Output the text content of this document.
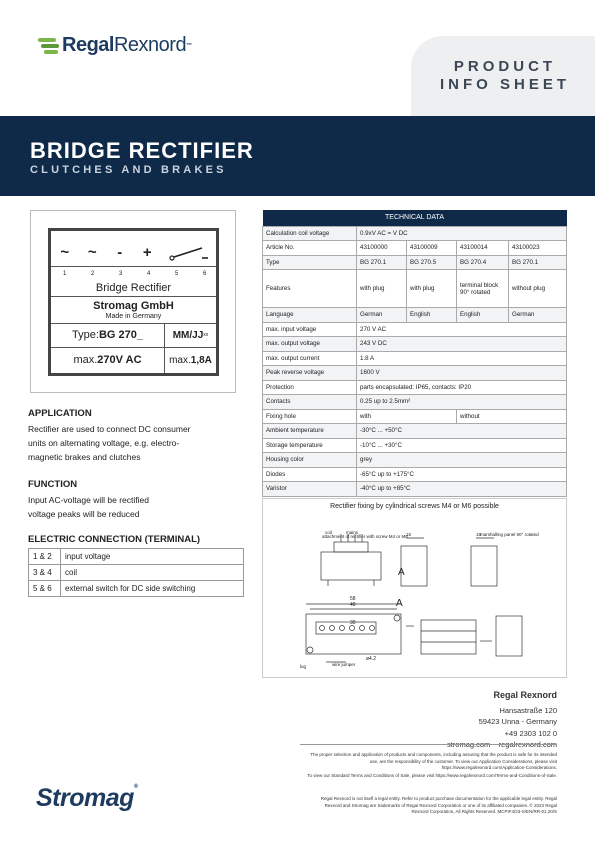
Regal Rexnord ™
PRODUCT
INFO SHEET
BRIDGE RECTIFIER
CLUTCHES AND BRAKES
~	~	-	+
1	2	3	4	5	6
Bridge Rectifier
Stromag GmbH
Made in Germany
Type: BG 270_	MM/JJ xx
max. 270V AC	max. 1,8A
APPLICATION
Rectifier are used to connect DC consumer
units on alternating voltage, e.g. electro-
magnetic brakes and clutches
FUNCTION
Input AC-voltage will be rectified
voltage peaks will be reduced
ELECTRIC CONNECTION (TERMINAL)
1 & 2	input voltage
3 & 4	coil
5 & 6	external switch for DC side switching
TECHNICAL DATA				
Calculation coil voltage	0.9xV AC = V DC			
Article No.	43100000	43100009	43100014	43100023
Type	BG 270.1	BG 270.5	BG 270.4	BG 270.1
Features	with plug	with plug	terminal block 90° rotated	without plug
Language	German	English	English	German
max. input voltage	270 V AC			
max. output voltage	243 V DC			
max. output current	1.8 A			
Peak reverse voltage	1600 V			
Protection	parts encapsulated: IP65, contacts: IP20			
Contacts	0.25 up to 2.5mm²			
Fixing hole	with		without	
Ambient temperature	-30°C ... +50°C			
Storage temperature	-10°C ... +30°C			
Housing color	grey			
Diodes	-65°C up to +175°C			
Varistor	-40°C up to +85°C			
Rectifier fixing by cylindrical screws M4 or M6 possible
attachment of rectifier with screw M4 or M6	marshalling panel 90° rotated
coil	mains	15	18
A
A
58
48
39
ø4.2
wire jumper
lug
Regal Rexnord
Hansastraße 120
59423 Unna - Germany
+49 2303 102 0

The proper selection and application of products and components, including assuring that the product is safe for its intended use, are the responsibility of the customer. To view our Application Considerations, please visit https://www.regalrexnord.com/Application-Considerations.
To view our Standard Terms and Conditions of Sale, please visit https://www.regalrexnord.com/Terms-and-Conditions-of-Sale.
Regal Rexnord is not itself a legal entity. Refer to product purchase documentation for the applicable legal entity. Regal Rexnord and Stromag are trademarks of Regal Rexnord Corporation or one of its affiliated companies. © 2023 Regal Rexnord Corporation, All Rights Reserved. MCPIF4/23-S/EN/RR-01.20/S
Stromag®
